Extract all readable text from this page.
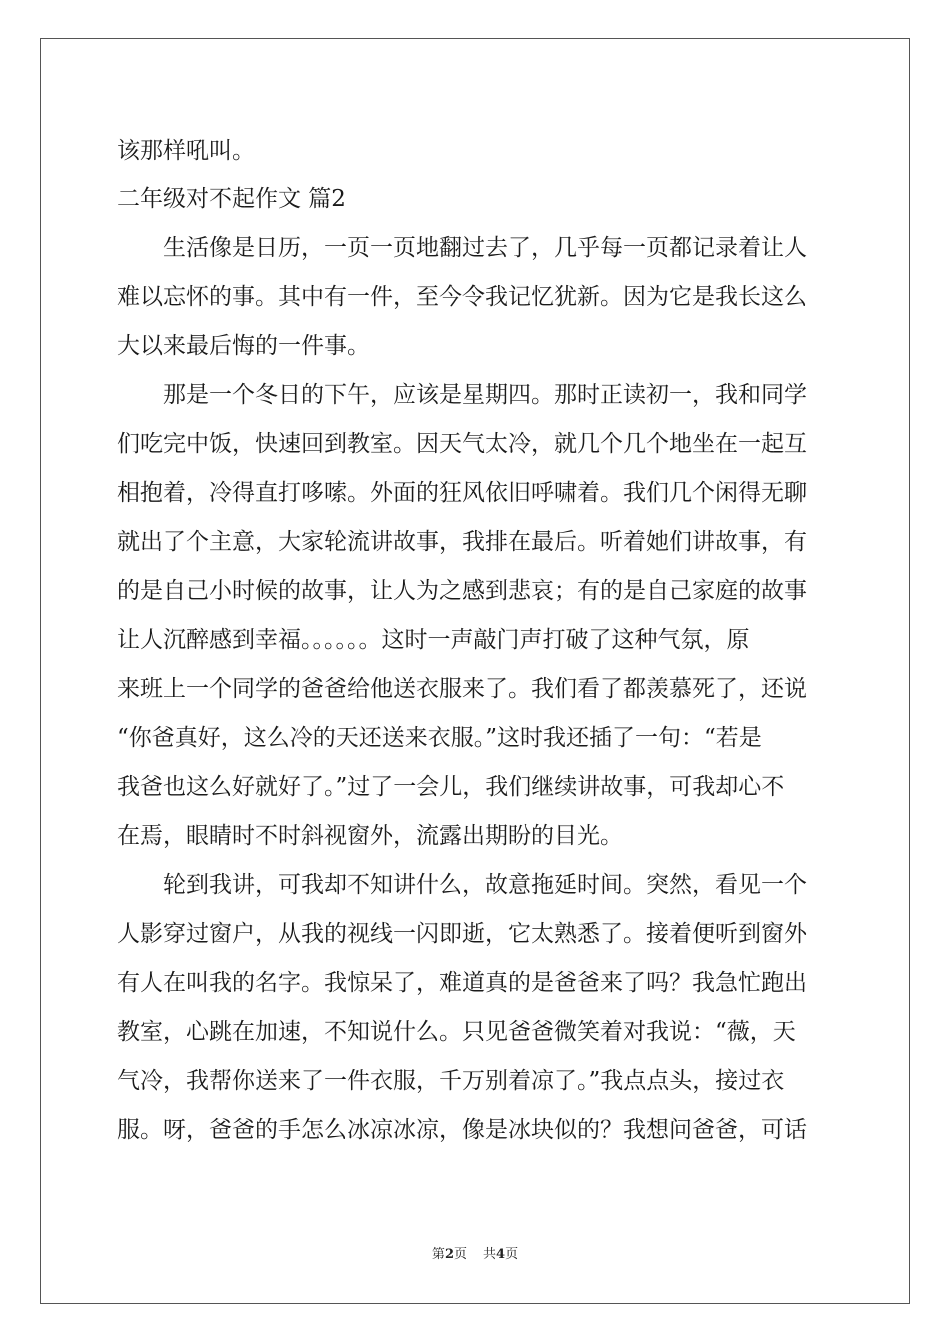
该那样吼叫。
二年级对不起作文 篇2
生活像是日历，一页一页地翻过去了，几乎每一页都记录着让人
难以忘怀的事。其中有一件，至今令我记忆犹新。因为它是我长这么
大以来最后悔的一件事。
那是一个冬日的下午，应该是星期四。那时正读初一，我和同学
们吃完中饭，快速回到教室。因天气太冷，就几个几个地坐在一起互
相抱着，冷得直打哆嗦。外面的狂风依旧呼啸着。我们几个闲得无聊
就出了个主意，大家轮流讲故事，我排在最后。听着她们讲故事，有
的是自己小时候的故事，让人为之感到悲哀；有的是自己家庭的故事
让人沉醉感到幸福。。。。。。这时一声敲门声打破了这种气氛，原
来班上一个同学的爸爸给他送衣服来了。我们看了都羡慕死了，还说
“你爸真好，这么冷的天还送来衣服。”这时我还插了一句：“若是
我爸也这么好就好了。”过了一会儿，我们继续讲故事，可我却心不
在焉，眼睛时不时斜视窗外，流露出期盼的目光。
轮到我讲，可我却不知讲什么，故意拖延时间。突然，看见一个
人影穿过窗户，从我的视线一闪即逝，它太熟悉了。接着便听到窗外
有人在叫我的名字。我惊呆了，难道真的是爸爸来了吗？我急忙跑出
教室，心跳在加速，不知说什么。只见爸爸微笑着对我说：“薇，天
气冷，我帮你送来了一件衣服，千万别着凉了。”我点点头，接过衣
服。呀，爸爸的手怎么冰凉冰凉，像是冰块似的？我想问爸爸，可话
第2页 共4页
